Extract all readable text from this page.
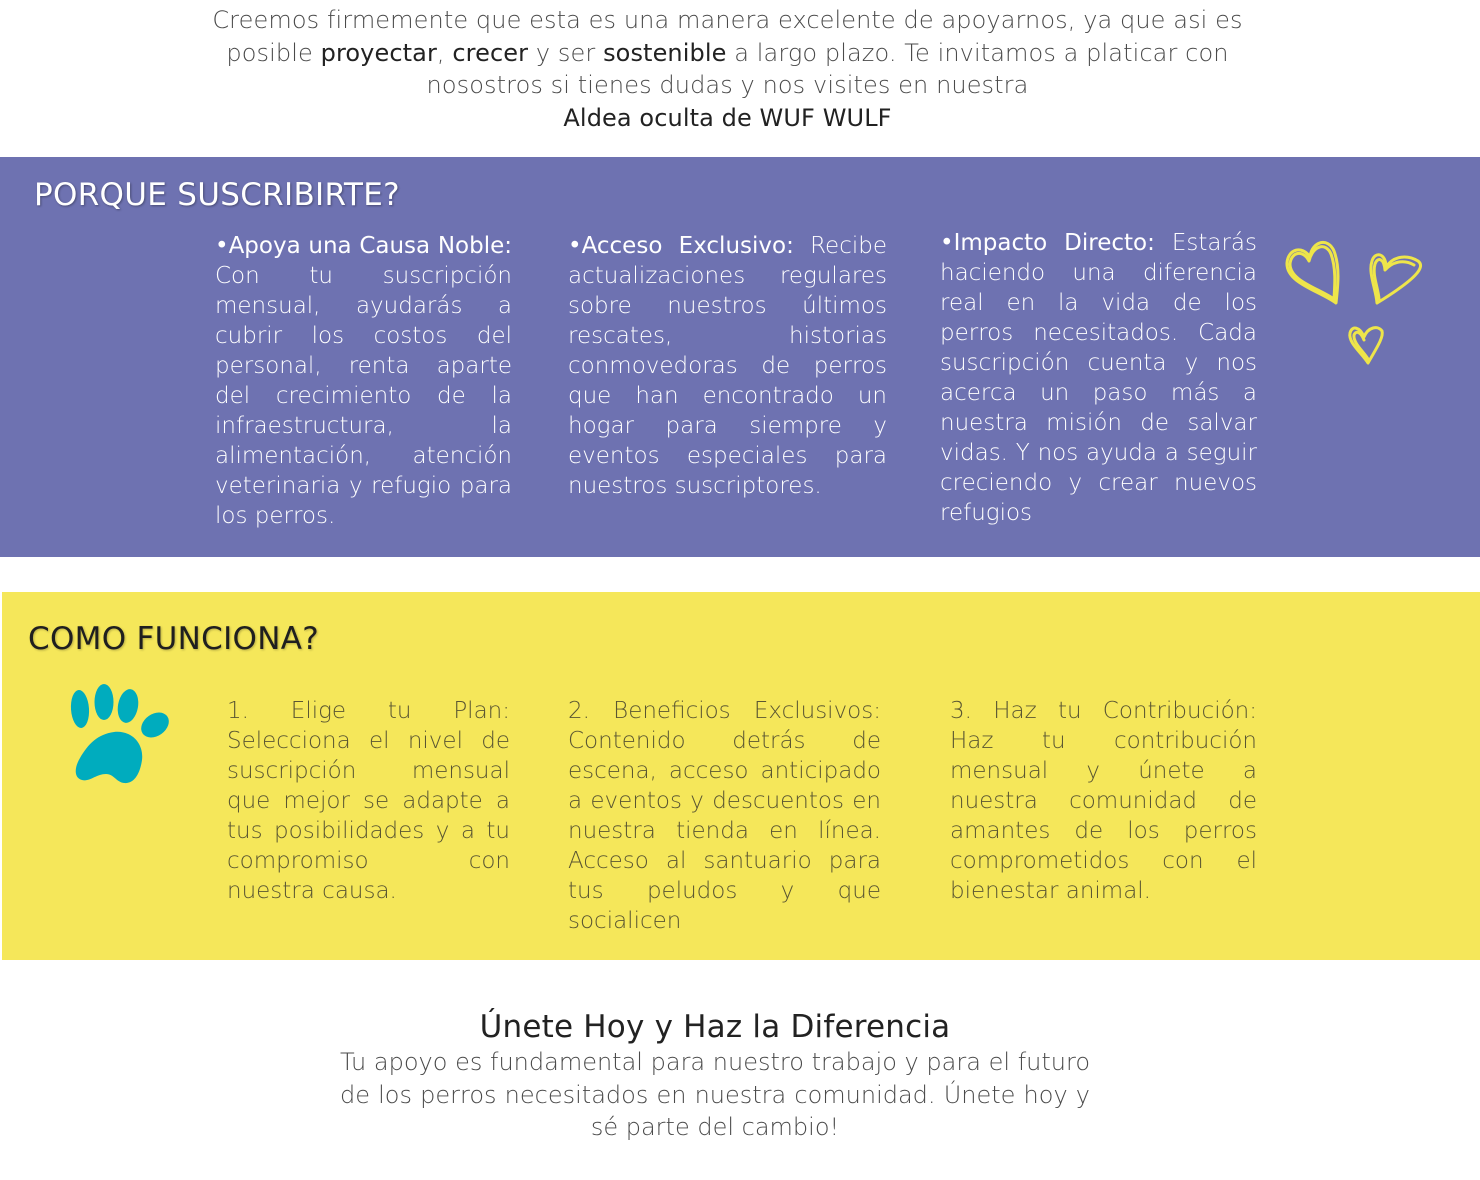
Creemos firmemente que esta es una manera excelente de apoyarnos, ya que asi es posible proyectar, crecer y ser sostenible a largo plazo. Te invitamos a platicar con nosostros si tienes dudas y nos visites en nuestra
Aldea oculta de WUF WULF
PORQUE SUSCRIBIRTE?
•Apoya una Causa Noble: Con tu suscripción mensual, ayudarás a cubrir los costos del personal, renta aparte del crecimiento de la infraestructura, la alimentación, atención veterinaria y refugio para los perros.
•Acceso Exclusivo: Recibe actualizaciones regulares sobre nuestros últimos rescates, historias conmovedoras de perros que han encontrado un hogar para siempre y eventos especiales para nuestros suscriptores.
•Impacto Directo: Estarás haciendo una diferencia real en la vida de los perros necesitados. Cada suscripción cuenta y nos acerca un paso más a nuestra misión de salvar vidas. Y nos ayuda a seguir creciendo y crear nuevos refugios
COMO FUNCIONA?
1. Elige tu Plan: Selecciona el nivel de suscripción mensual que mejor se adapte a tus posibilidades y a tu compromiso con nuestra causa.
2. Beneficios Exclusivos: Contenido detrás de escena, acceso anticipado a eventos y descuentos en nuestra tienda en línea. Acceso al santuario para tus peludos y que socialicen
3. Haz tu Contribución: Haz tu contribución mensual y únete a nuestra comunidad de amantes de los perros comprometidos con el bienestar animal.
Únete Hoy y Haz la Diferencia

Tu apoyo es fundamental para nuestro trabajo y para el futuro de los perros necesitados en nuestra comunidad. Únete hoy y sé parte del cambio!
